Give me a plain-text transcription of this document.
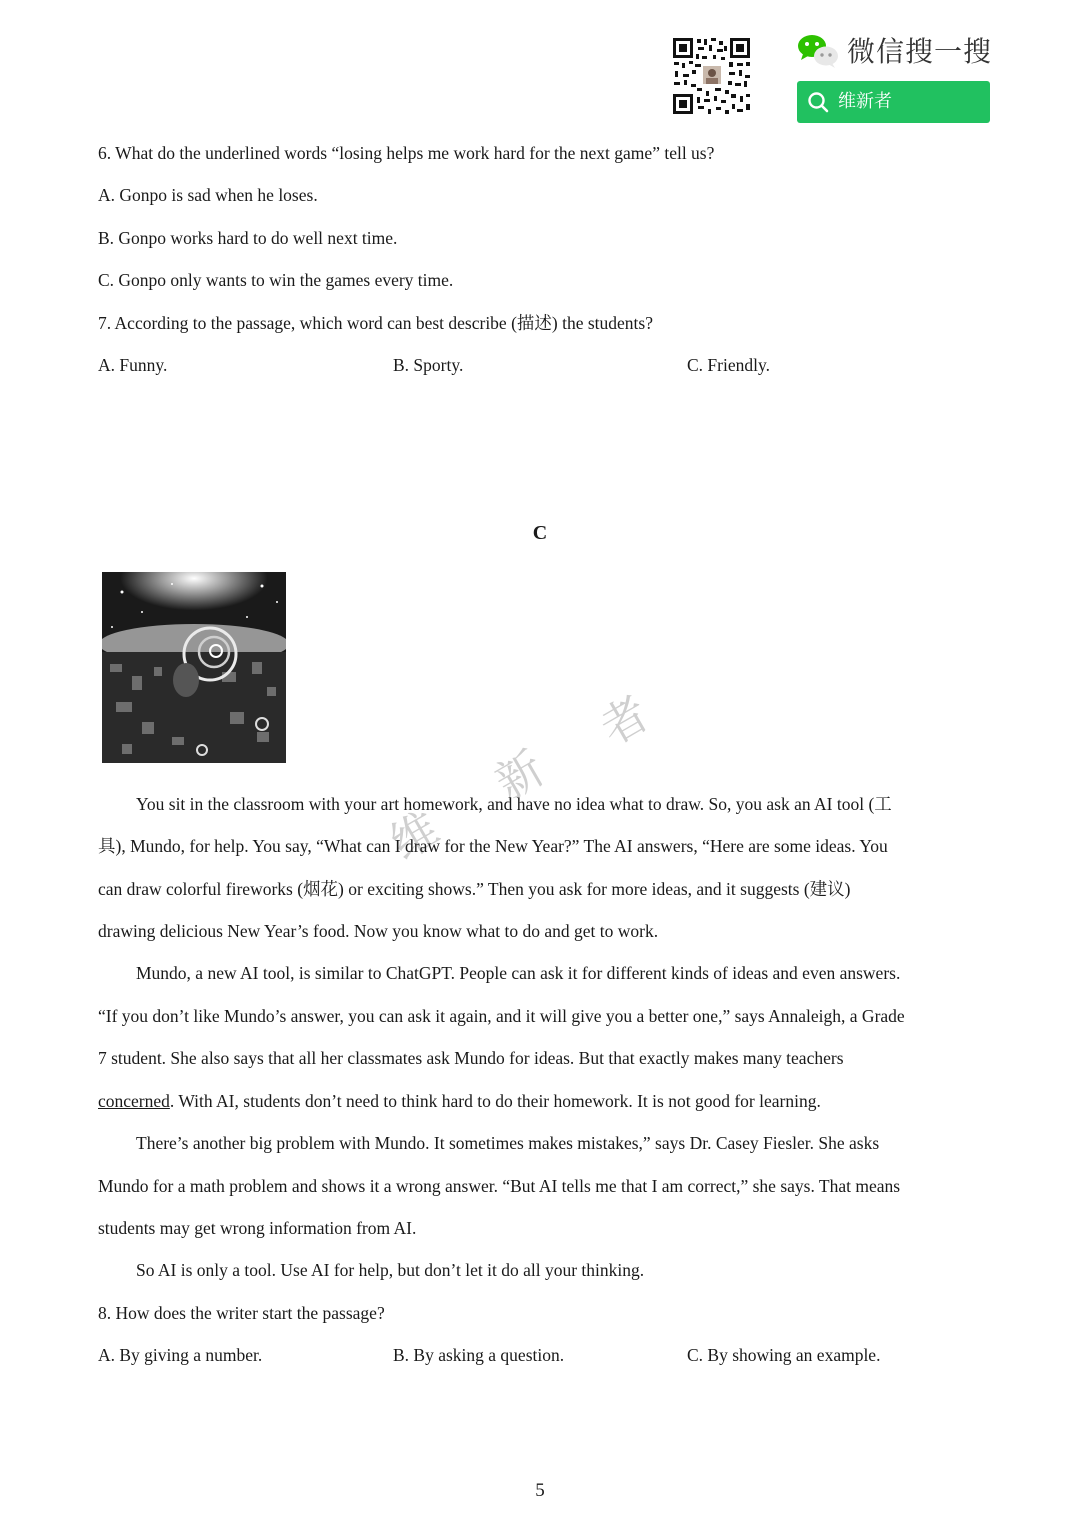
微信搜一搜
维新者
6. What do the underlined words “losing helps me work hard for the next game” tell us?
A. Gonpo is sad when he loses.
B. Gonpo works hard to do well next time.
C. Gonpo only wants to win the games every time.
7. According to the passage, which word can best describe (描述) the students?
A. Funny.	B. Sporty.	C. Friendly.
C
维
新
者
You sit in the classroom with your art homework, and have no idea what to draw. So, you ask an AI tool (工
具), Mundo, for help. You say, “What can I draw for the New Year?” The AI answers, “Here are some ideas. You
can draw colorful fireworks (烟花) or exciting shows.” Then you ask for more ideas, and it suggests (建议)
drawing delicious New Year’s food. Now you know what to do and get to work.
Mundo, a new AI tool, is similar to ChatGPT. People can ask it for different kinds of ideas and even answers.
“If you don’t like Mundo’s answer, you can ask it again, and it will give you a better one,” says Annaleigh, a Grade
7 student. She also says that all her classmates ask Mundo for ideas. But that exactly makes many teachers
concerned. With AI, students don’t need to think hard to do their homework. It is not good for learning.
There’s another big problem with Mundo. It sometimes makes mistakes,” says Dr. Casey Fiesler. She asks
Mundo for a math problem and shows it a wrong answer. “But AI tells me that I am correct,” she says. That means
students may get wrong information from AI.
So AI is only a tool. Use AI for help, but don’t let it do all your thinking.
8. How does the writer start the passage?
A. By giving a number.	B. By asking a question.	C. By showing an example.
5
